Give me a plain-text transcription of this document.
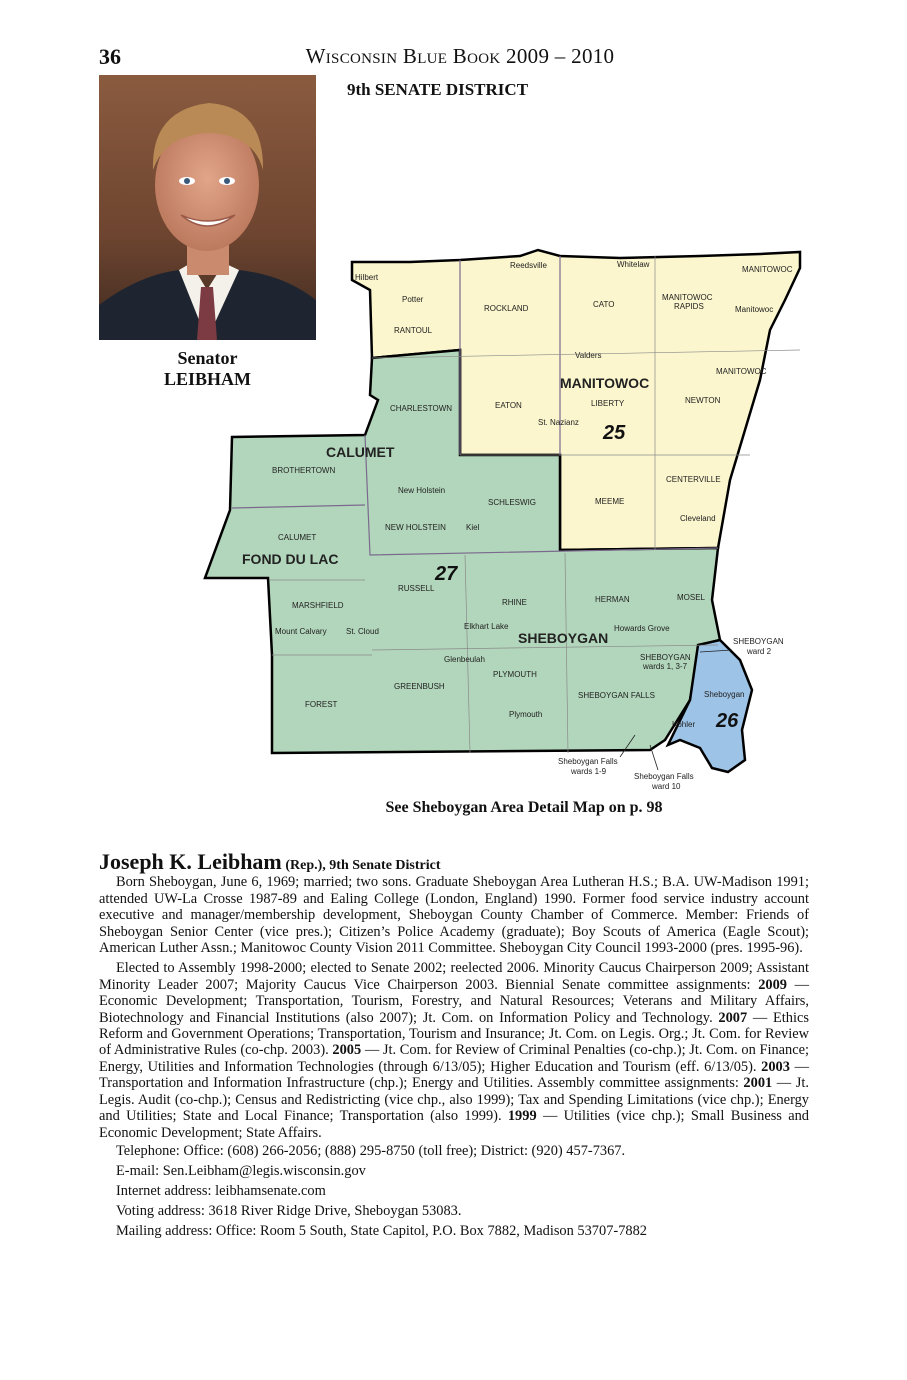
36	Wisconsin Blue Book 2009 – 2010
9th SENATE DISTRICT
Senator
LEIBHAM
CALUMET
MANITOWOC
FOND DU LAC
SHEBOYGAN
25
27
26
Hilbert
Potter
RANTOUL
Reedsville
ROCKLAND
Whitelaw
CATO
MANITOWOC
RAPIDS
MANITOWOC
Manitowoc
Valders
MANITOWOC
CHARLESTOWN	EATON	LIBERTY	NEWTON
St. Nazianz
BROTHERTOWN
New Holstein
SCHLESWIG	MEEME
CENTERVILLE
Cleveland
CALUMET
NEW HOLSTEIN	Kiel
RUSSELL
RHINE	HERMAN	MOSEL
MARSHFIELD
Mount Calvary St. Cloud
Elkhart Lake	Howards Grove
SHEBOYGAN
ward 2
SHEBOYGAN
wards 1, 3-7
Glenbeulah
PLYMOUTH
GREENBUSH
FOREST
SHEBOYGAN FALLS	Sheboygan
Plymouth
Kohler
Sheboygan Falls
wards 1-9
Sheboygan Falls
ward 10
See Sheboygan Area Detail Map on p. 98
Joseph K. Leibham (Rep.), 9th Senate District

Born Sheboygan, June 6, 1969; married; two sons. Graduate Sheboygan Area Lutheran H.S.; B.A. UW-Madison 1991; attended UW-La Crosse 1987-89 and Ealing College (London, England) 1990. Former food service industry account executive and manager/membership development, Sheboygan County Chamber of Commerce. Member: Friends of Sheboygan Senior Center (vice pres.); Citizen’s Police Academy (graduate); Boy Scouts of America (Eagle Scout); American Luther Assn.; Manitowoc County Vision 2011 Committee. Sheboygan City Council 1993-2000 (pres. 1995-96).

Elected to Assembly 1998-2000; elected to Senate 2002; reelected 2006. Minority Caucus Chairperson 2009; Assistant Minority Leader 2007; Majority Caucus Vice Chairperson 2003. Biennial Senate committee assignments: 2009 — Economic Development; Transportation, Tourism, Forestry, and Natural Resources; Veterans and Military Affairs, Biotechnology and Financial Institutions (also 2007); Jt. Com. on Information Policy and Technology. 2007 — Ethics Reform and Government Operations; Transportation, Tourism and Insurance; Jt. Com. on Legis. Org.; Jt. Com. for Review of Administrative Rules (co-chp. 2003). 2005 — Jt. Com. for Review of Criminal Penalties (co-chp.); Jt. Com. on Finance; Energy, Utilities and Information Technologies (through 6/13/05); Higher Education and Tourism (eff. 6/13/05). 2003 — Transportation and Information Infrastructure (chp.); Energy and Utilities. Assembly committee assignments: 2001 — Jt. Legis. Audit (co-chp.); Census and Redistricting (vice chp., also 1999); Tax and Spending Limitations (vice chp.); Energy and Utilities; State and Local Finance; Transportation (also 1999). 1999 — Utilities (vice chp.); Small Business and Economic Development; State Affairs.

Telephone: Office: (608) 266-2056; (888) 295-8750 (toll free); District: (920) 457-7367.
E-mail: Sen.Leibham@legis.wisconsin.gov
Internet address: leibhamsenate.com
Voting address: 3618 River Ridge Drive, Sheboygan 53083.
Mailing address: Office: Room 5 South, State Capitol, P.O. Box 7882, Madison 53707-7882
